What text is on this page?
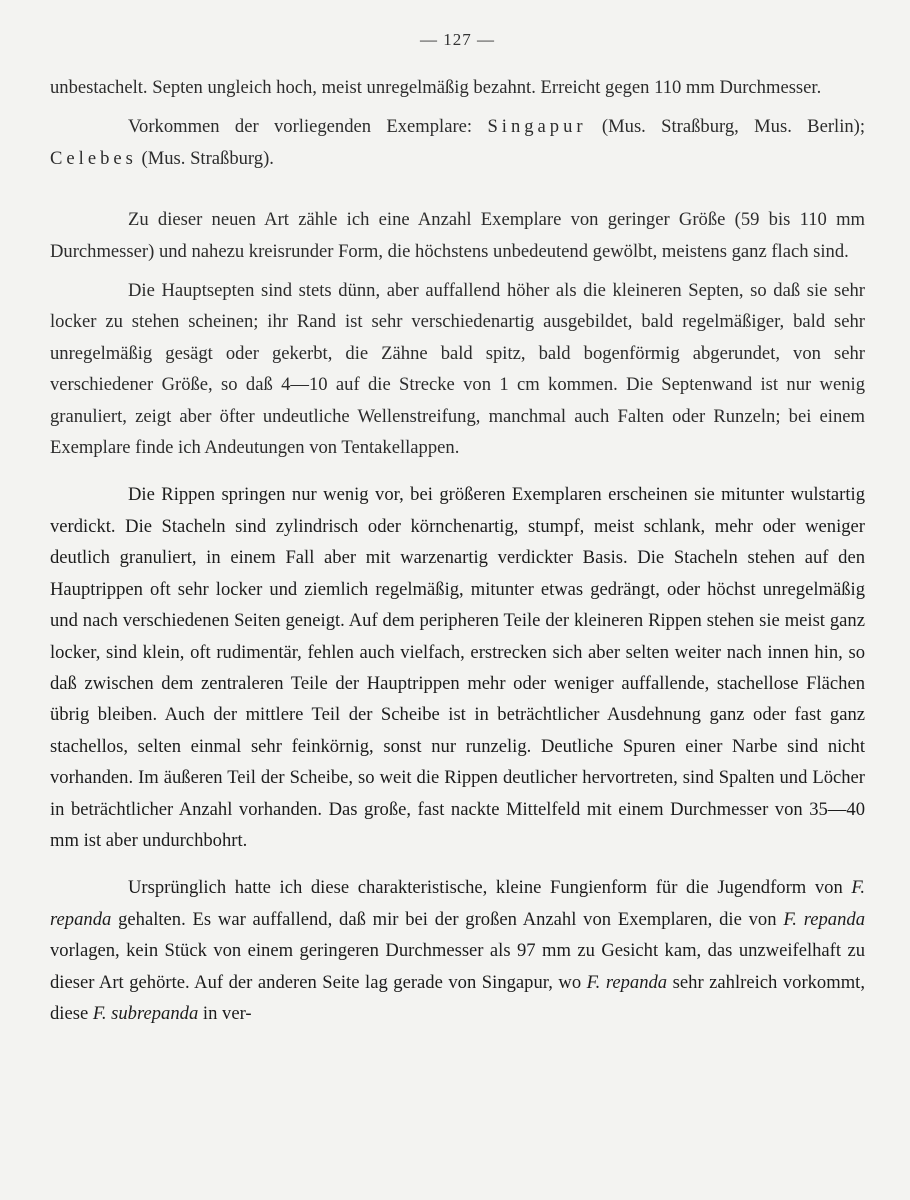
— 127 —

unbestachelt. Septen ungleich hoch, meist unregelmäßig bezahnt. Erreicht gegen 110 mm Durchmesser.

Vorkommen der vorliegenden Exemplare: Singapur (Mus. Straßburg, Mus. Berlin); Celebes (Mus. Straßburg).

Zu dieser neuen Art zähle ich eine Anzahl Exemplare von geringer Größe (59 bis 110 mm Durchmesser) und nahezu kreisrunder Form, die höchstens unbedeutend gewölbt, meistens ganz flach sind.

Die Hauptsepten sind stets dünn, aber auffallend höher als die kleineren Septen, so daß sie sehr locker zu stehen scheinen; ihr Rand ist sehr verschiedenartig ausgebildet, bald regelmäßiger, bald sehr unregelmäßig gesägt oder gekerbt, die Zähne bald spitz, bald bogenförmig abgerundet, von sehr verschiedener Größe, so daß 4—10 auf die Strecke von 1 cm kommen. Die Septenwand ist nur wenig granuliert, zeigt aber öfter undeutliche Wellenstreifung, manchmal auch Falten oder Runzeln; bei einem Exemplare finde ich Andeutungen von Tentakellappen.

Die Rippen springen nur wenig vor, bei größeren Exemplaren erscheinen sie mitunter wulstartig verdickt. Die Stacheln sind zylindrisch oder körnchenartig, stumpf, meist schlank, mehr oder weniger deutlich granuliert, in einem Fall aber mit warzenartig verdickter Basis. Die Stacheln stehen auf den Hauptrippen oft sehr locker und ziemlich regelmäßig, mitunter etwas gedrängt, oder höchst unregelmäßig und nach verschiedenen Seiten geneigt. Auf dem peripheren Teile der kleineren Rippen stehen sie meist ganz locker, sind klein, oft rudimentär, fehlen auch vielfach, erstrecken sich aber selten weiter nach innen hin, so daß zwischen dem zentraleren Teile der Hauptrippen mehr oder weniger auffallende, stachellose Flächen übrig bleiben. Auch der mittlere Teil der Scheibe ist in beträchtlicher Ausdehnung ganz oder fast ganz stachellos, selten einmal sehr feinkörnig, sonst nur runzelig. Deutliche Spuren einer Narbe sind nicht vorhanden. Im äußeren Teil der Scheibe, so weit die Rippen deutlicher hervortreten, sind Spalten und Löcher in beträchtlicher Anzahl vorhanden. Das große, fast nackte Mittelfeld mit einem Durchmesser von 35—40 mm ist aber undurchbohrt.

Ursprünglich hatte ich diese charakteristische, kleine Fungienform für die Jugendform von F. repanda gehalten. Es war auffallend, daß mir bei der großen Anzahl von Exemplaren, die von F. repanda vorlagen, kein Stück von einem geringeren Durchmesser als 97 mm zu Gesicht kam, das unzweifelhaft zu dieser Art gehörte. Auf der anderen Seite lag gerade von Singapur, wo F. repanda sehr zahlreich vorkommt, diese F. subrepanda in ver-
